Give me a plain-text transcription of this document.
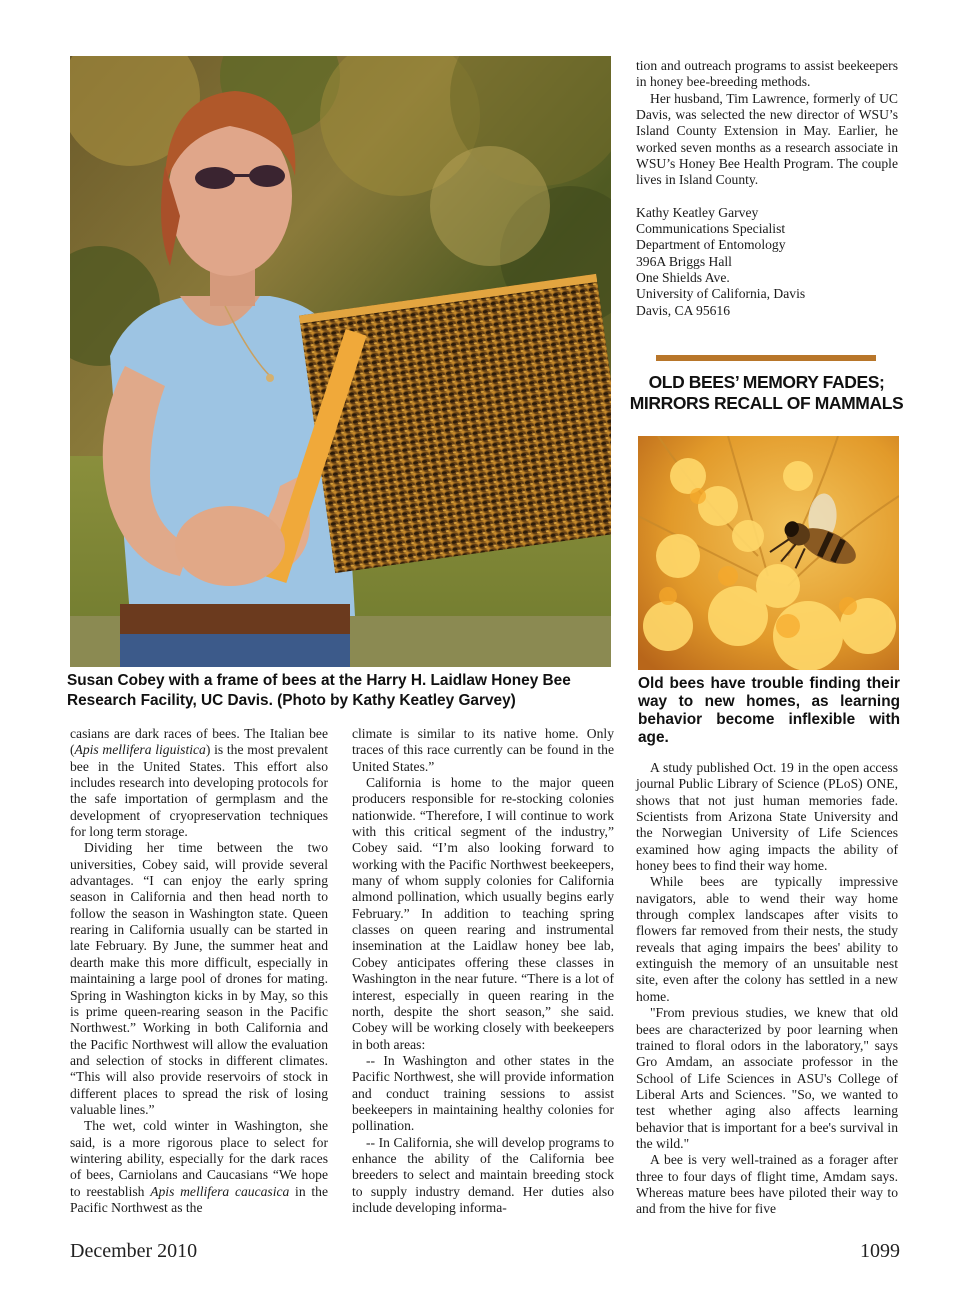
Susan Cobey with a frame of bees at the Harry H. Laidlaw Honey Bee Research Facility, UC Davis. (Photo by Kathy Keatley Garvey)

casians are dark races of bees. The Italian bee (Apis mellifera liguistica) is the most prevalent bee in the United States. This effort also includes research into developing protocols for the safe importation of germplasm and the development of cryopreservation techniques for long term storage.

Dividing her time between the two universities, Cobey said, will provide several advantages. “I can enjoy the early spring season in California and then head north to follow the season in Washington state. Queen rearing in California usually can be started in late February. By June, the summer heat and dearth make this more difficult, especially in maintaining a large pool of drones for mating. Spring in Washington kicks in by May, so this is prime queen-rearing season in the Pacific Northwest.” Working in both California and the Pacific Northwest will allow the evaluation and selection of stocks in different climates. “This will also provide reservoirs of stock in different places to spread the risk of losing valuable lines.”

The wet, cold winter in Washington, she said, is a more rigorous place to select for wintering ability, especially for the dark races of bees, Carniolans and Caucasians “We hope to reestablish Apis mellifera caucasica in the Pacific Northwest as the

climate is similar to its native home. Only traces of this race currently can be found in the United States.”

California is home to the major queen producers responsible for re-stocking colonies nationwide. “Therefore, I will continue to work with this critical segment of the industry,” Cobey said. “I’m also looking forward to working with the Pacific Northwest beekeepers, many of whom supply colonies for California almond pollination, which usually begins early February.” In addition to teaching spring classes on queen rearing and instrumental insemination at the Laidlaw honey bee lab, Cobey anticipates offering these classes in Washington in the near future. “There is a lot of interest, especially in queen rearing in the north, despite the short season,” she said. Cobey will be working closely with beekeepers in both areas:

-- In Washington and other states in the Pacific Northwest, she will provide information and conduct training sessions to assist beekeepers in maintaining healthy colonies for pollination.

-- In California, she will develop programs to enhance the ability of the California bee breeders to select and maintain breeding stock to supply industry demand. Her duties also include developing informa-

tion and outreach programs to assist beekeepers in honey bee-breeding methods.

Her husband, Tim Lawrence, formerly of UC Davis, was selected the new director of WSU’s Island County Extension in May. Earlier, he worked seven months as a research associate in WSU’s Honey Bee Health Program. The couple lives in Island County.

Kathy Keatley Garvey
Communications Specialist
Department of Entomology
396A Briggs Hall
One Shields Ave.
University of California, Davis
Davis, CA 95616
OLD BEES’ MEMORY FADES;
MIRRORS RECALL OF MAMMALS
Old bees have trouble finding their way to new homes, as learning behavior become inflexible with age.

A study published Oct. 19 in the open access journal Public Library of Science (PLoS) ONE, shows that not just human memories fade. Scientists from Arizona State University and the Norwegian University of Life Sciences examined how aging impacts the ability of honey bees to find their way home.

While bees are typically impressive navigators, able to wend their way home through complex landscapes after visits to flowers far removed from their nests, the study reveals that aging impairs the bees' ability to extinguish the memory of an unsuitable nest site, even after the colony has settled in a new home.

"From previous studies, we knew that old bees are characterized by poor learning when trained to floral odors in the laboratory," says Gro Amdam, an associate professor in the School of Life Sciences in ASU's College of Liberal Arts and Sciences. "So, we wanted to test whether aging also affects learning behavior that is important for a bee's survival in the wild."

A bee is very well-trained as a forager after three to four days of flight time, Amdam says. Whereas mature bees have piloted their way to and from the hive for five

December 2010	1099
